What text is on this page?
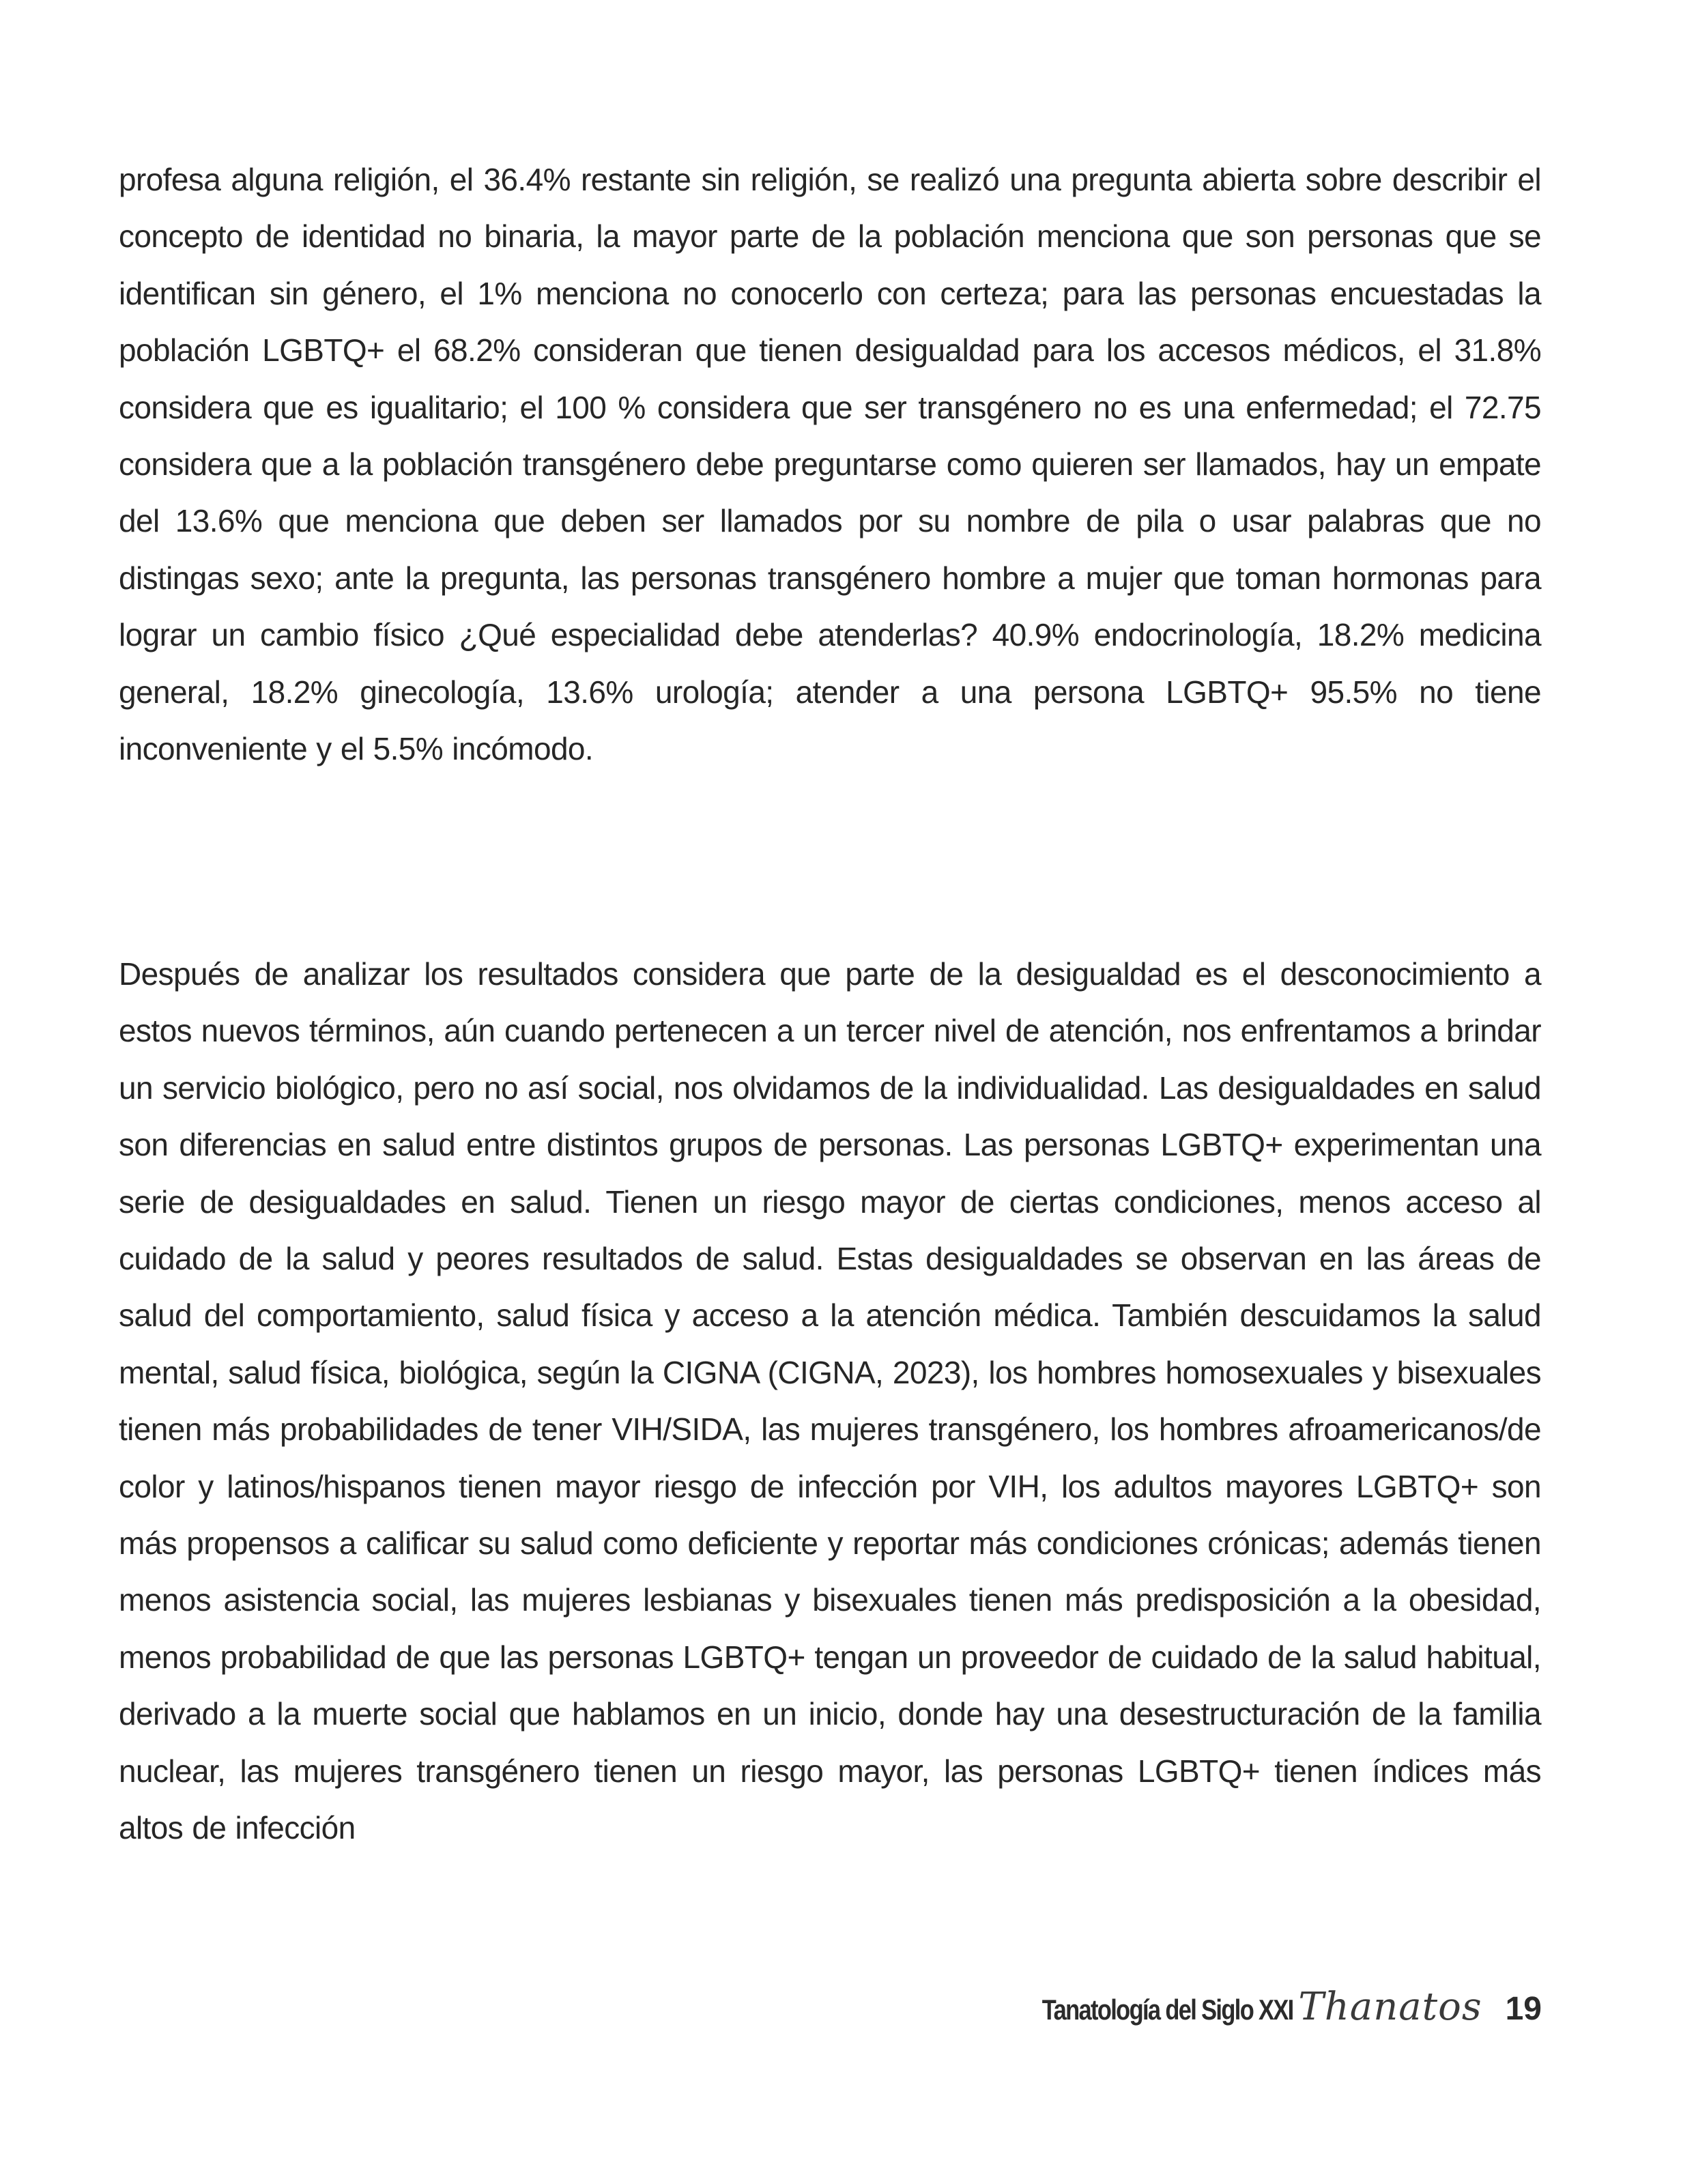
profesa alguna religión, el 36.4% restante sin religión, se realizó una pregunta abierta sobre describir el concepto de identidad no binaria, la mayor parte de la población menciona que son personas que se identifican sin género, el 1% menciona no conocerlo con certeza; para las personas encuestadas la población LGBTQ+ el 68.2% consideran que tienen desigualdad para los accesos médicos, el 31.8% considera que es igualitario; el 100 % considera que ser transgénero no es una enfermedad; el 72.75 considera que a la población transgénero debe preguntarse como quieren ser llamados, hay un empate del 13.6% que menciona que deben ser llamados por su nombre de pila o usar palabras que no distingas sexo; ante la pregunta, las personas transgénero hombre a mujer que toman hormonas para lograr un cambio físico ¿Qué especialidad debe atenderlas? 40.9% endocrinología, 18.2% medicina general, 18.2% ginecología, 13.6% urología; atender a una persona LGBTQ+ 95.5% no tiene inconveniente y el 5.5% incómodo.

Después de analizar los resultados considera que parte de la desigualdad es el desconocimiento a estos nuevos términos, aún cuando pertenecen a un tercer nivel de atención, nos enfrentamos a brindar un servicio biológico, pero no así social, nos olvidamos de la individualidad. Las desigualdades en salud son diferencias en salud entre distintos grupos de personas. Las personas LGBTQ+ experimentan una serie de desigualdades en salud. Tienen un riesgo mayor de ciertas condiciones, menos acceso al cuidado de la salud y peores resultados de salud. Estas desigualdades se observan en las áreas de salud del comportamiento, salud física y acceso a la atención médica. También descuidamos la salud mental, salud física, biológica, según la CIGNA (CIGNA, 2023), los hombres homosexuales y bisexuales tienen más probabilidades de tener VIH/SIDA, las mujeres transgénero, los hombres afroamericanos/de color y latinos/hispanos tienen mayor riesgo de infección por VIH, los adultos mayores LGBTQ+ son más propensos a calificar su salud como deficiente y reportar más condiciones crónicas; además tienen menos asistencia social, las mujeres lesbianas y bisexuales tienen más predisposición a la obesidad, menos probabilidad de que las personas LGBTQ+ tengan un proveedor de cuidado de la salud habitual, derivado a la muerte social que hablamos en un inicio, donde hay una desestructuración de la familia nuclear, las mujeres transgénero tienen un riesgo mayor, las personas LGBTQ+ tienen índices más altos de infección

Tanatología del Siglo XXI Thanatos 19
